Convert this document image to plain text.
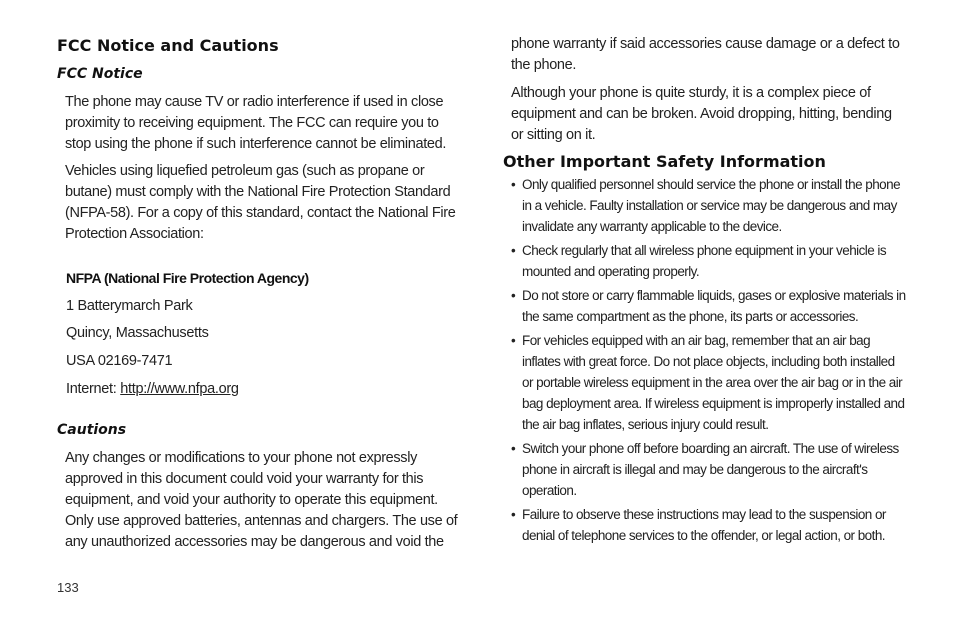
FCC Notice and Cautions
FCC Notice
The phone may cause TV or radio interference if used in close
proximity to receiving equipment. The FCC can require you to
stop using the phone if such interference cannot be eliminated.
Vehicles using liquefied petroleum gas (such as propane or
butane) must comply with the National Fire Protection Standard
(NFPA-58). For a copy of this standard, contact the National Fire
Protection Association:
NFPA (National Fire Protection Agency)
1 Batterymarch Park
Quincy, Massachusetts
USA 02169-7471
Internet: http://www.nfpa.org
Cautions
Any changes or modifications to your phone not expressly
approved in this document could void your warranty for this
equipment, and void your authority to operate this equipment.
Only use approved batteries, antennas and chargers. The use of
any unauthorized accessories may be dangerous and void the
phone warranty if said accessories cause damage or a defect to
the phone.
Although your phone is quite sturdy, it is a complex piece of
equipment and can be broken. Avoid dropping, hitting, bending
or sitting on it.
Other Important Safety Information
• Only qualified personnel should service the phone or install the phone
in a vehicle. Faulty installation or service may be dangerous and may
invalidate any warranty applicable to the device.
• Check regularly that all wireless phone equipment in your vehicle is
mounted and operating properly.
• Do not store or carry flammable liquids, gases or explosive materials in
the same compartment as the phone, its parts or accessories.
• For vehicles equipped with an air bag, remember that an air bag
inflates with great force. Do not place objects, including both installed
or portable wireless equipment in the area over the air bag or in the air
bag deployment area. If wireless equipment is improperly installed and
the air bag inflates, serious injury could result.
• Switch your phone off before boarding an aircraft. The use of wireless
phone in aircraft is illegal and may be dangerous to the aircraft's
operation.
• Failure to observe these instructions may lead to the suspension or
denial of telephone services to the offender, or legal action, or both.
133
